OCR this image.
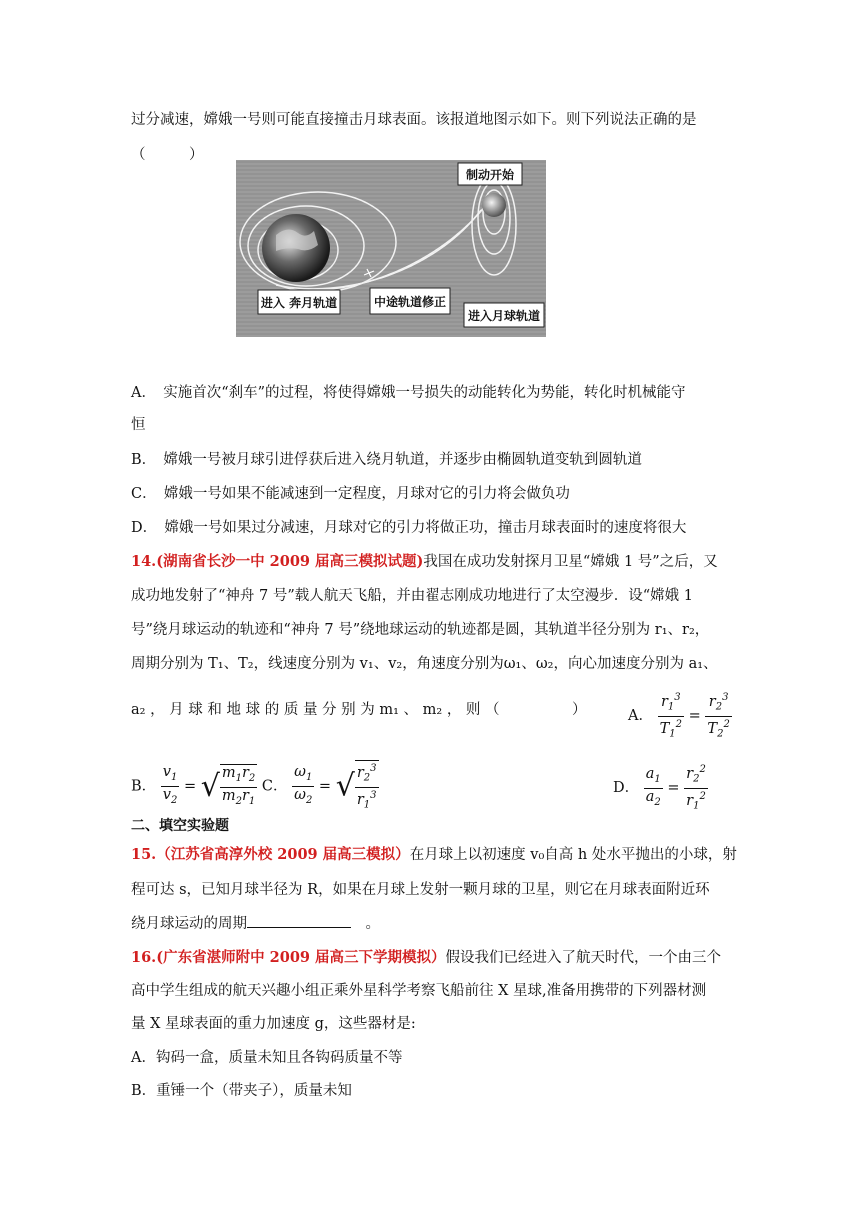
过分减速，嫦娥一号则可能直接撞击月球表面。该报道地图示如下。则下列说法正确的是
（　　　）
制动开始
进入 奔月轨道	中途轨道修正
进入月球轨道
A．　实施首次“刹车”的过程，将使得嫦娥一号损失的动能转化为势能，转化时机械能守
恒
B．　嫦娥一号被月球引进俘获后进入绕月轨道，并逐步由椭圆轨道变轨到圆轨道
C．　嫦娥一号如果不能减速到一定程度，月球对它的引力将会做负功
D．　嫦娥一号如果过分减速，月球对它的引力将做正功，撞击月球表面时的速度将很大
14.(湖南省长沙一中 2009 届高三模拟试题)我国在成功发射探月卫星“嫦娥 1 号”之后，又
成功地发射了“神舟 7 号”载人航天飞船，并由翟志刚成功地进行了太空漫步．设“嫦娥 1
号”绕月球运动的轨迹和“神舟 7 号”绕地球运动的轨迹都是圆，其轨道半径分别为 r₁、r₂，
周期分别为 T₁、T₂，线速度分别为 v₁、v₂，角速度分别为ω₁、ω₂，向心加速度分别为 a₁、
a₂ ， 月 球 和 地 球 的 质 量 分 别 为 m₁ 、 m₂ ， 则 （　　　　　）	A． $\frac{r_1^3}{T_1^2} = \frac{r_2^3}{T_2^2}$
B． $\frac{v_1}{v_2}$ = √ $\frac{m_1r_2}{m_2r_1}$ C． $\frac{\omega_1}{\omega_2}$ = √ $\frac{r_2^3}{r_1^3}$	D． $\frac{a_1}{a_2} = \frac{r_2^2}{r_1^2}$
二、填空实验题
15.（江苏省高淳外校 2009 届高三模拟）在月球上以初速度 v₀自高 h 处水平抛出的小球，射
程可达 s，已知月球半径为 R，如果在月球上发射一颗月球的卫星，则它在月球表面附近环
绕月球运动的周期　	。
16.(广东省湛师附中 2009 届高三下学期模拟）假设我们已经进入了航天时代，一个由三个
高中学生组成的航天兴趣小组正乘外星科学考察飞船前往 X 星球,准备用携带的下列器材测
量 X 星球表面的重力加速度 g，这些器材是:
A．钩码一盒，质量未知且各钩码质量不等
B．重锤一个（带夹子），质量未知
